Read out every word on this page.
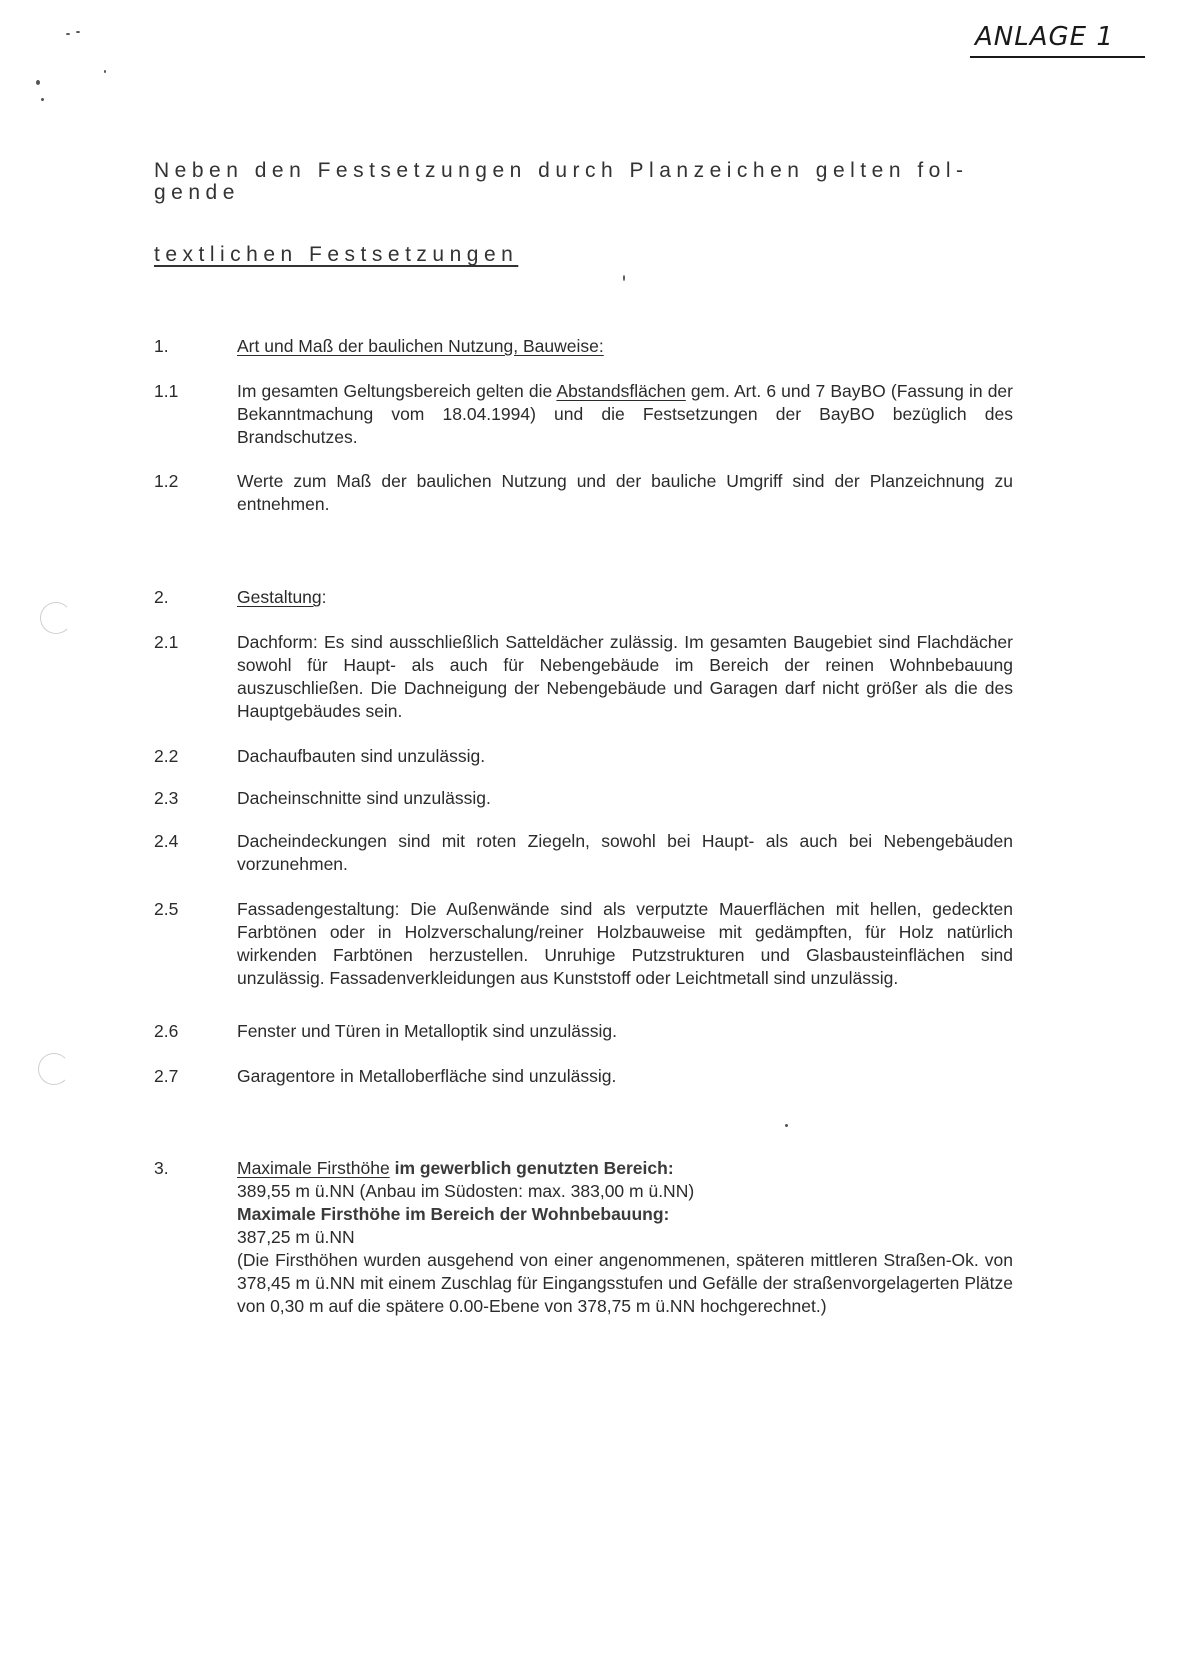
ANLAGE 1
Neben den Festsetzungen durch Planzeichen gelten fol-
gende
textlichen Festsetzungen
1.	Art und Maß der baulichen Nutzung, Bauweise:
1.1	Im gesamten Geltungsbereich gelten die Abstandsflächen gem. Art. 6 und 7 BayBO (Fassung in der Bekanntmachung vom 18.04.1994) und die Festsetzungen der BayBO bezüglich des Brandschutzes.
1.2	Werte zum Maß der baulichen Nutzung und der bauliche Umgriff sind der Planzeichnung zu entnehmen.
2.	Gestaltung:
2.1	Dachform: Es sind ausschließlich Satteldächer zulässig. Im gesamten Baugebiet sind Flachdächer sowohl für Haupt- als auch für Nebengebäude im Bereich der reinen Wohnbebauung auszuschließen. Die Dachneigung der Nebengebäude und Garagen darf nicht größer als die des Hauptgebäudes sein.
2.2	Dachaufbauten sind unzulässig.
2.3	Dacheinschnitte sind unzulässig.
2.4	Dacheindeckungen sind mit roten Ziegeln, sowohl bei Haupt- als auch bei Nebengebäuden vorzunehmen.
2.5	Fassadengestaltung: Die Außenwände sind als verputzte Mauerflächen mit hellen, gedeckten Farbtönen oder in Holzverschalung/reiner Holzbauweise mit gedämpften, für Holz natürlich wirkenden Farbtönen herzustellen. Unruhige Putzstrukturen und Glasbausteinflächen sind unzulässig. Fassadenverkleidungen aus Kunststoff oder Leichtmetall sind unzulässig.
2.6	Fenster und Türen in Metalloptik sind unzulässig.
2.7	Garagentore in Metalloberfläche sind unzulässig.
3.	Maximale Firsthöhe im gewerblich genutzten Bereich:
389,55 m ü.NN (Anbau im Südosten: max. 383,00 m ü.NN)
Maximale Firsthöhe im Bereich der Wohnbebauung:
387,25 m ü.NN
(Die Firsthöhen wurden ausgehend von einer angenommenen, späteren mittleren Straßen-Ok. von 378,45 m ü.NN mit einem Zuschlag für Eingangsstufen und Gefälle der straßenvorgelagerten Plätze von 0,30 m auf die spätere 0.00-Ebene von 378,75 m ü.NN hochgerechnet.)
